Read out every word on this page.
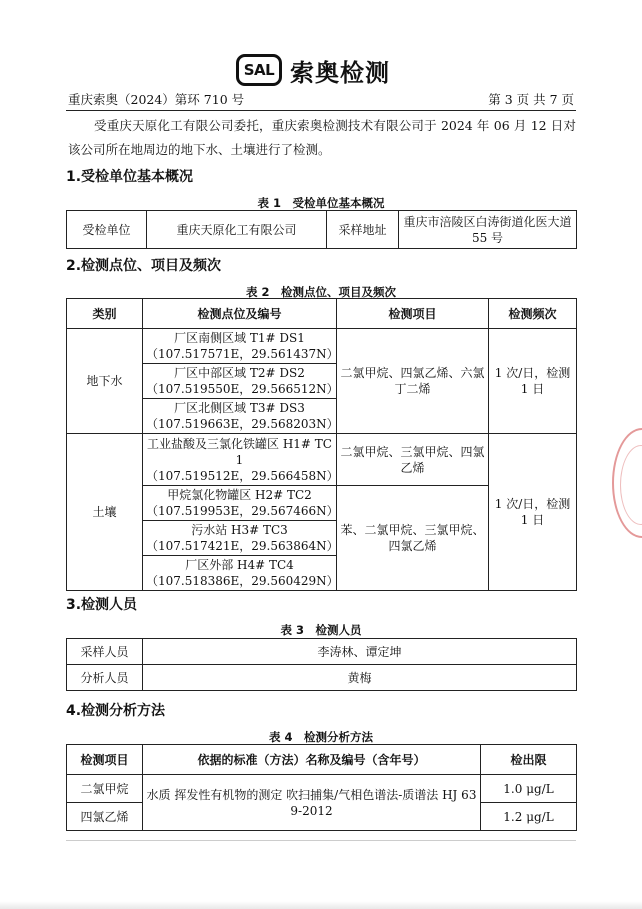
SAL 索奥检测
重庆索奥（2024）第环 710 号	第 3 页 共 7 页
受重庆天原化工有限公司委托，重庆索奥检测技术有限公司于 2024 年 06 月 12 日对该公司所在地周边的地下水、土壤进行了检测。
1.受检单位基本概况
表 1　受检单位基本概况
受检单位	重庆天原化工有限公司	采样地址	重庆市涪陵区白涛街道化医大道 55 号
2.检测点位、项目及频次
表 2　检测点位、项目及频次
类别	检测点位及编号	检测项目	检测频次
地下水	厂区南侧区域 T1# DS1
（107.517571E，29.561437N）	二氯甲烷、四氯乙烯、六氯丁二烯	1 次/日，检测 1 日

	厂区中部区域 T2# DS2
（107.519550E，29.566512N）		

	厂区北侧区域 T3# DS3
（107.519663E，29.568203N）		

土壤	工业盐酸及三氯化铁罐区 H1# TC1
（107.519512E，29.566458N）	二氯甲烷、三氯甲烷、四氯乙烯	1 次/日，检测 1 日

	甲烷氯化物罐区 H2# TC2
（107.519953E，29.567466N）	苯、二氯甲烷、三氯甲烷、四氯乙烯	

	污水站 H3# TC3
（107.517421E，29.563864N）		

	厂区外部 H4# TC4
（107.518386E，29.560429N）		
3.检测人员
表 3　检测人员
采样人员	李涛林、谭定坤
分析人员	黄梅
4.检测分析方法
表 4　检测分析方法
检测项目	依据的标准（方法）名称及编号（含年号）	检出限
二氯甲烷	水质 挥发性有机物的测定 吹扫捕集/气相色谱法-质谱法 HJ 639-2012	1.0 μg/L
四氯乙烯		1.2 μg/L
